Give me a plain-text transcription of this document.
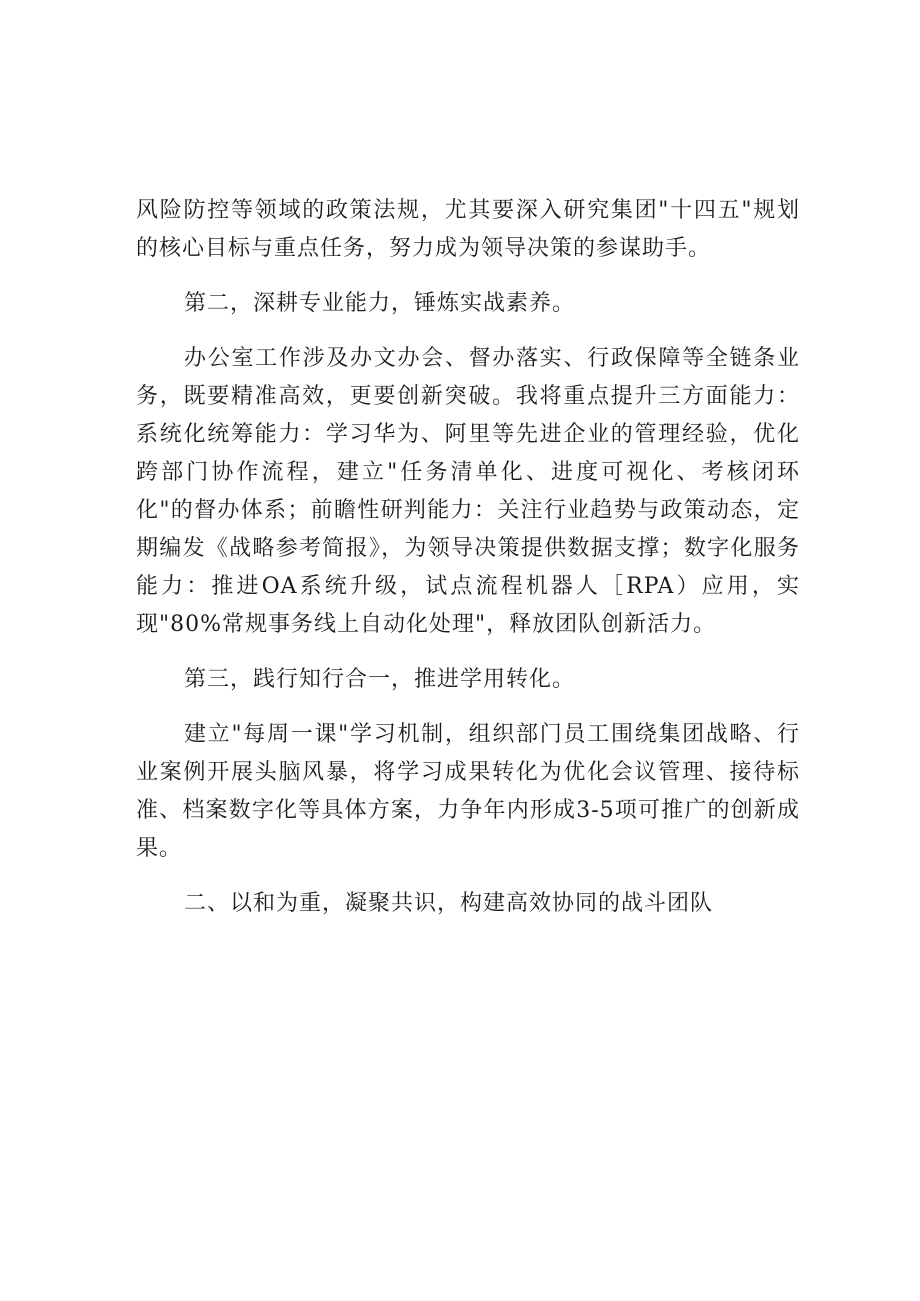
风险防控等领域的政策法规，尤其要深入研究集团"十四五"规划的核心目标与重点任务，努力成为领导决策的参谋助手。

第二，深耕专业能力，锤炼实战素养。

办公室工作涉及办文办会、督办落实、行政保障等全链条业务，既要精准高效，更要创新突破。我将重点提升三方面能力：系统化统筹能力：学习华为、阿里等先进企业的管理经验，优化跨部门协作流程，建立"任务清单化、进度可视化、考核闭环化"的督办体系；前瞻性研判能力：关注行业趋势与政策动态，定期编发《战略参考简报》，为领导决策提供数据支撑；数字化服务能力：推进OA系统升级，试点流程机器人［RPA）应用，实现"80%常规事务线上自动化处理"，释放团队创新活力。

第三，践行知行合一，推进学用转化。

建立"每周一课"学习机制，组织部门员工围绕集团战略、行业案例开展头脑风暴，将学习成果转化为优化会议管理、接待标准、档案数字化等具体方案，力争年内形成3-5项可推广的创新成果。

二、以和为重，凝聚共识，构建高效协同的战斗团队
